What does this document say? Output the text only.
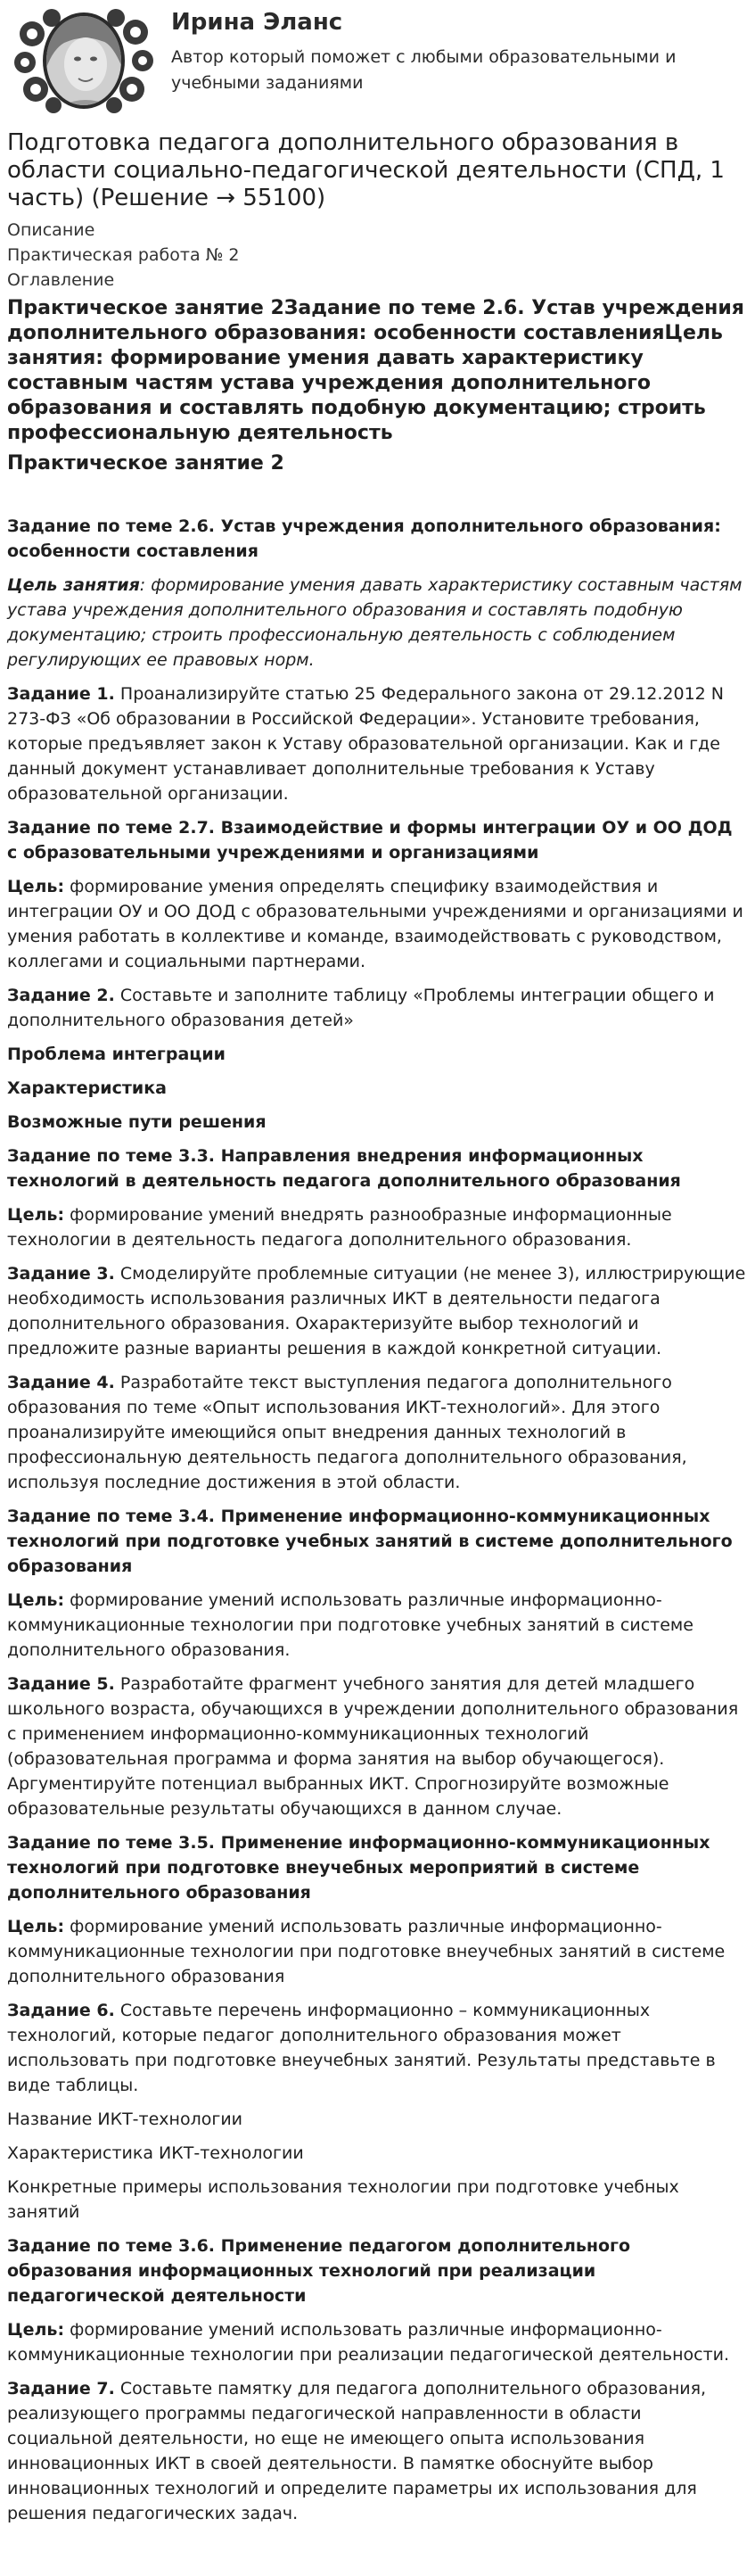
Ирина Эланс
Автор который поможет с любыми образовательными и учебными заданиями
Подготовка педагога дополнительного образования в области социально-педагогической деятельности (СПД, 1 часть) (Решение → 55100)
Описание
Практическая работа № 2
Оглавление
Практическое занятие 2Задание по теме 2.6. Устав учреждения дополнительного образования: особенности составленияЦель занятия: формирование умения давать характеристику составным частям устава учреждения дополнительного образования и составлять подобную документацию; строить профессиональную деятельность
Практическое занятие 2
Задание по теме 2.6. Устав учреждения дополнительного образования: особенности составления

Цель занятия: формирование умения давать характеристику составным частям устава учреждения дополнительного образования и составлять подобную документацию; строить профессиональную деятельность с соблюдением регулирующих ее правовых норм.

Задание 1. Проанализируйте статью 25 Федерального закона от 29.12.2012 N 273-ФЗ «Об образовании в Российской Федерации». Установите требования, которые предъявляет закон к Уставу образовательной организации. Как и где данный документ устанавливает дополнительные требования к Уставу образовательной организации.

Задание по теме 2.7. Взаимодействие и формы интеграции ОУ и ОО ДОД с образовательными учреждениями и организациями

Цель: формирование умения определять специфику взаимодействия и интеграции ОУ и ОО ДОД с образовательными учреждениями и организациями и умения работать в коллективе и команде, взаимодействовать с руководством, коллегами и социальными партнерами.

Задание 2. Составьте и заполните таблицу «Проблемы интеграции общего и дополнительного образования детей»

Проблема интеграции

Характеристика

Возможные пути решения

Задание по теме 3.3. Направления внедрения информационных технологий в деятельность педагога дополнительного образования

Цель: формирование умений внедрять разнообразные информационные технологии в деятельность педагога дополнительного образования.

Задание 3. Смоделируйте проблемные ситуации (не менее 3), иллюстрирующие необходимость использования различных ИКТ в деятельности педагога дополнительного образования. Охарактеризуйте выбор технологий и предложите разные варианты решения в каждой конкретной ситуации.

Задание 4. Разработайте текст выступления педагога дополнительного образования по теме «Опыт использования ИКТ-технологий». Для этого проанализируйте имеющийся опыт внедрения данных технологий в профессиональную деятельность педагога дополнительного образования, используя последние достижения в этой области.

Задание по теме 3.4. Применение информационно-коммуникационных технологий при подготовке учебных занятий в системе дополнительного образования

Цель: формирование умений использовать различные информационно-коммуникационные технологии при подготовке учебных занятий в системе дополнительного образования.

Задание 5. Разработайте фрагмент учебного занятия для детей младшего школьного возраста, обучающихся в учреждении дополнительного образования с применением информационно-коммуникационных технологий (образовательная программа и форма занятия на выбор обучающегося). Аргументируйте потенциал выбранных ИКТ. Спрогнозируйте возможные образовательные результаты обучающихся в данном случае.

Задание по теме 3.5. Применение информационно-коммуникационных технологий при подготовке внеучебных мероприятий в системе дополнительного образования

Цель: формирование умений использовать различные информационно-коммуникационные технологии при подготовке внеучебных занятий в системе дополнительного образования

Задание 6. Составьте перечень информационно – коммуникационных технологий, которые педагог дополнительного образования может использовать при подготовке внеучебных занятий. Результаты представьте в виде таблицы.

Название ИКТ-технологии

Характеристика ИКТ-технологии

Конкретные примеры использования технологии при подготовке учебных занятий

Задание по теме 3.6. Применение педагогом дополнительного образования информационных технологий при реализации педагогической деятельности

Цель: формирование умений использовать различные информационно-коммуникационные технологии при реализации педагогической деятельности.

Задание 7. Составьте памятку для педагога дополнительного образования, реализующего программы педагогической направленности в области социальной деятельности, но еще не имеющего опыта использования инновационных ИКТ в своей деятельности. В памятке обоснуйте выбор инновационных технологий и определите параметры их использования для решения педагогических задач.
